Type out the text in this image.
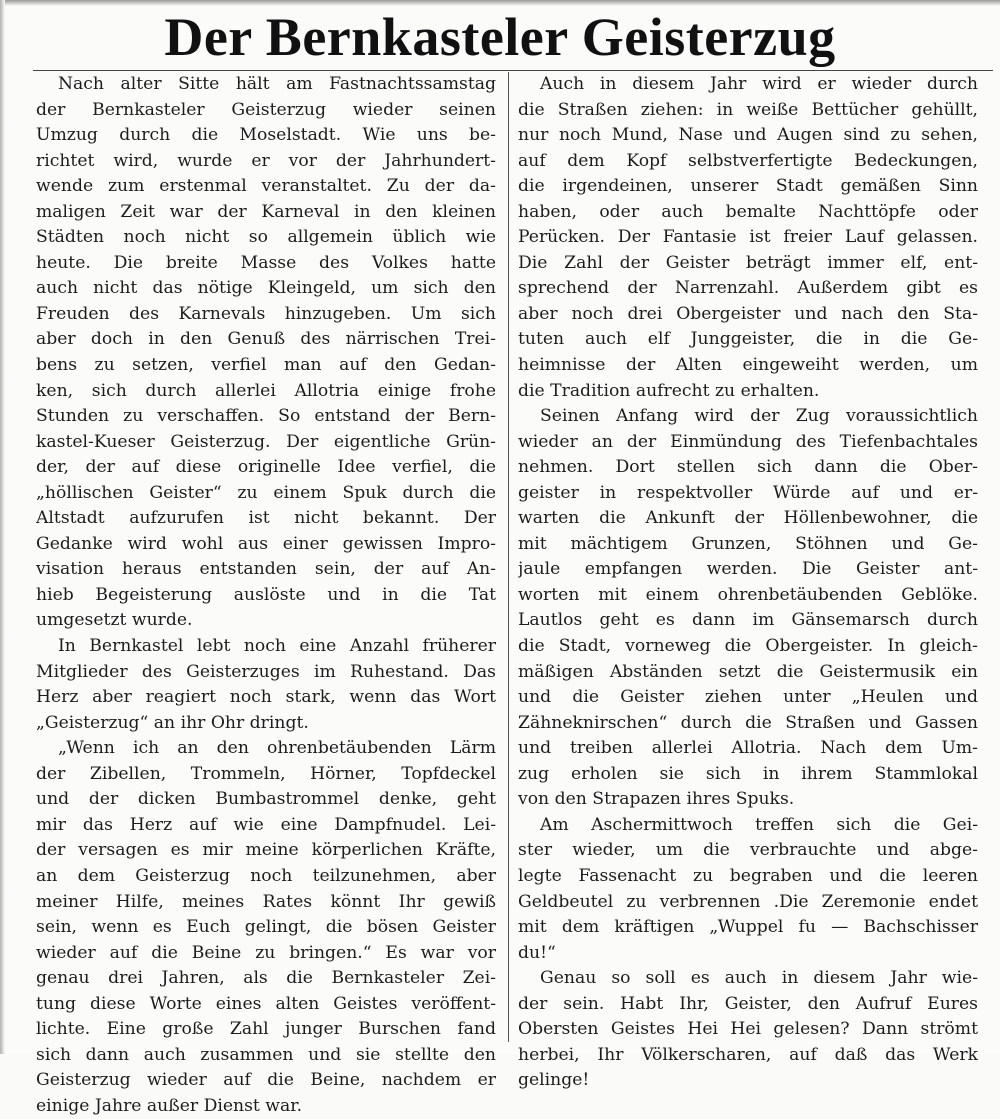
Der Bernkasteler Geisterzug
Nach alter Sitte hält am Fastnachtssamstag
der Bernkasteler Geisterzug wieder seinen
Umzug durch die Moselstadt. Wie uns be-
richtet wird, wurde er vor der Jahrhundert-
wende zum erstenmal veranstaltet. Zu der da-
maligen Zeit war der Karneval in den kleinen
Städten noch nicht so allgemein üblich wie
heute. Die breite Masse des Volkes hatte
auch nicht das nötige Kleingeld, um sich den
Freuden des Karnevals hinzugeben. Um sich
aber doch in den Genuß des närrischen Trei-
bens zu setzen, verfiel man auf den Gedan-
ken, sich durch allerlei Allotria einige frohe
Stunden zu verschaffen. So entstand der Bern-
kastel-Kueser Geisterzug. Der eigentliche Grün-
der, der auf diese originelle Idee verfiel, die
„höllischen Geister“ zu einem Spuk durch die
Altstadt aufzurufen ist nicht bekannt. Der
Gedanke wird wohl aus einer gewissen Impro-
visation heraus entstanden sein, der auf An-
hieb Begeisterung auslöste und in die Tat
umgesetzt wurde.
In Bernkastel lebt noch eine Anzahl früherer
Mitglieder des Geisterzuges im Ruhestand. Das
Herz aber reagiert noch stark, wenn das Wort
„Geisterzug“ an ihr Ohr dringt.
„Wenn ich an den ohrenbetäubenden Lärm
der Zibellen, Trommeln, Hörner, Topfdeckel
und der dicken Bumbastrommel denke, geht
mir das Herz auf wie eine Dampfnudel. Lei-
der versagen es mir meine körperlichen Kräfte,
an dem Geisterzug noch teilzunehmen, aber
meiner Hilfe, meines Rates könnt Ihr gewiß
sein, wenn es Euch gelingt, die bösen Geister
wieder auf die Beine zu bringen.“ Es war vor
genau drei Jahren, als die Bernkasteler Zei-
tung diese Worte eines alten Geistes veröffent-
lichte. Eine große Zahl junger Burschen fand
sich dann auch zusammen und sie stellte den
Geisterzug wieder auf die Beine, nachdem er
einige Jahre außer Dienst war.
Auch in diesem Jahr wird er wieder durch
die Straßen ziehen: in weiße Bettücher gehüllt,
nur noch Mund, Nase und Augen sind zu sehen,
auf dem Kopf selbstverfertigte Bedeckungen,
die irgendeinen, unserer Stadt gemäßen Sinn
haben, oder auch bemalte Nachttöpfe oder
Perücken. Der Fantasie ist freier Lauf gelassen.
Die Zahl der Geister beträgt immer elf, ent-
sprechend der Narrenzahl. Außerdem gibt es
aber noch drei Obergeister und nach den Sta-
tuten auch elf Junggeister, die in die Ge-
heimnisse der Alten eingeweiht werden, um
die Tradition aufrecht zu erhalten.
Seinen Anfang wird der Zug voraussichtlich
wieder an der Einmündung des Tiefenbachtales
nehmen. Dort stellen sich dann die Ober-
geister in respektvoller Würde auf und er-
warten die Ankunft der Höllenbewohner, die
mit mächtigem Grunzen, Stöhnen und Ge-
jaule empfangen werden. Die Geister ant-
worten mit einem ohrenbetäubenden Geblöke.
Lautlos geht es dann im Gänsemarsch durch
die Stadt, vorneweg die Obergeister. In gleich-
mäßigen Abständen setzt die Geistermusik ein
und die Geister ziehen unter „Heulen und
Zähneknirschen“ durch die Straßen und Gassen
und treiben allerlei Allotria. Nach dem Um-
zug erholen sie sich in ihrem Stammlokal
von den Strapazen ihres Spuks.
Am Aschermittwoch treffen sich die Gei-
ster wieder, um die verbrauchte und abge-
legte Fassenacht zu begraben und die leeren
Geldbeutel zu verbrennen .Die Zeremonie endet
mit dem kräftigen „Wuppel fu — Bachschisser
du!“
Genau so soll es auch in diesem Jahr wie-
der sein. Habt Ihr, Geister, den Aufruf Eures
Obersten Geistes Hei Hei gelesen? Dann strömt
herbei, Ihr Völkerscharen, auf daß das Werk
gelinge!
